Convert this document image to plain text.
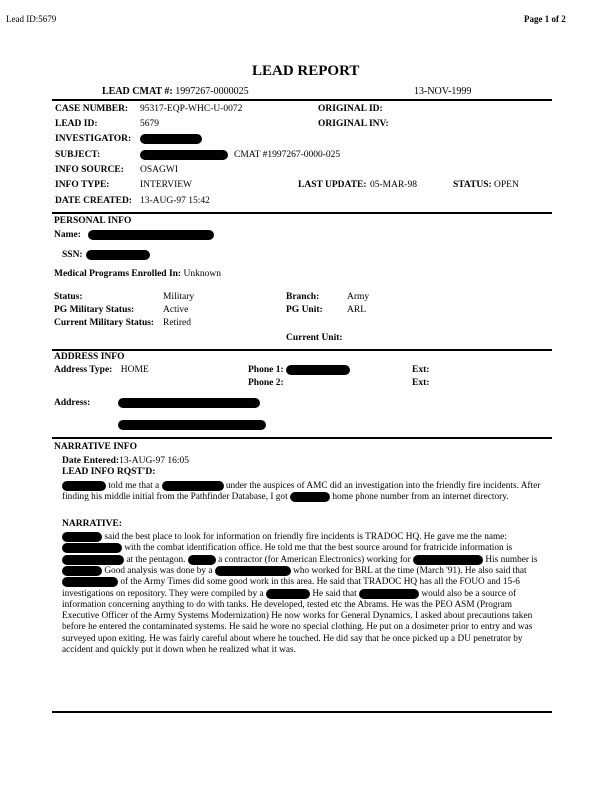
Lead ID:5679	Page 1 of 2
LEAD REPORT
LEAD CMAT #: 1997267-0000025	13-NOV-1999
CASE NUMBER: 95317-EQP-WHC-U-0072	ORIGINAL ID:
LEAD ID:	5679	ORIGINAL INV:
INVESTIGATOR:
SUBJECT:	CMAT #1997267-0000-025
INFO SOURCE: OSAGWI
INFO TYPE:	INTERVIEW	LAST UPDATE: 05-MAR-98	STATUS: OPEN
DATE CREATED: 13-AUG-97 15:42
PERSONAL INFO
Name:
SSN:
Medical Programs Enrolled In: Unknown
Status:	Military	Branch:	Army
PG Military Status:	Active	PG Unit:	ARL
Current Military Status: Retired
Current Unit:
ADDRESS INFO
Address Type: HOME	Phone 1:	Ext:
Phone 2:	Ext:
Address:
NARRATIVE INFO
Date Entered:13-AUG-97 16:05
LEAD INFO RQST'D:

told me that a	under the auspices of AMC did an investigation into the friendly fire incidents. After finding his middle initial from the Pathfinder Database, I got	home phone number from an internet directory.

NARRATIVE:

said the best place to look for information on friendly fire incidents is TRADOC HQ. He gave me the name:  with the combat identification office. He told me that the best source around for fratricide information is  at the pentagon.	a contractor (for American Electronics) working for	His number is  Good analysis was done by a	who worked for BRL at the time (March '91). He also said that  of the Army Times did some good work in this area. He said that TRADOC HQ has all the FOUO and 15-6 investigations on repository. They were compiled by a	He said that	would also be a source of information concerning anything to do with tanks. He developed, tested etc the Abrams. He was the PEO ASM (Program Executive Officer of the Army Systems Modernization) He now works for General Dynamics. I asked about precautions taken before he entered the contaminated systems. He said he wore no special clothing. He put on a dosimeter prior to entry and was surveyed upon exiting. He was fairly careful about where he touched. He did say that he once picked up a DU penetrator by accident and quickly put it down when he realized what it was.
